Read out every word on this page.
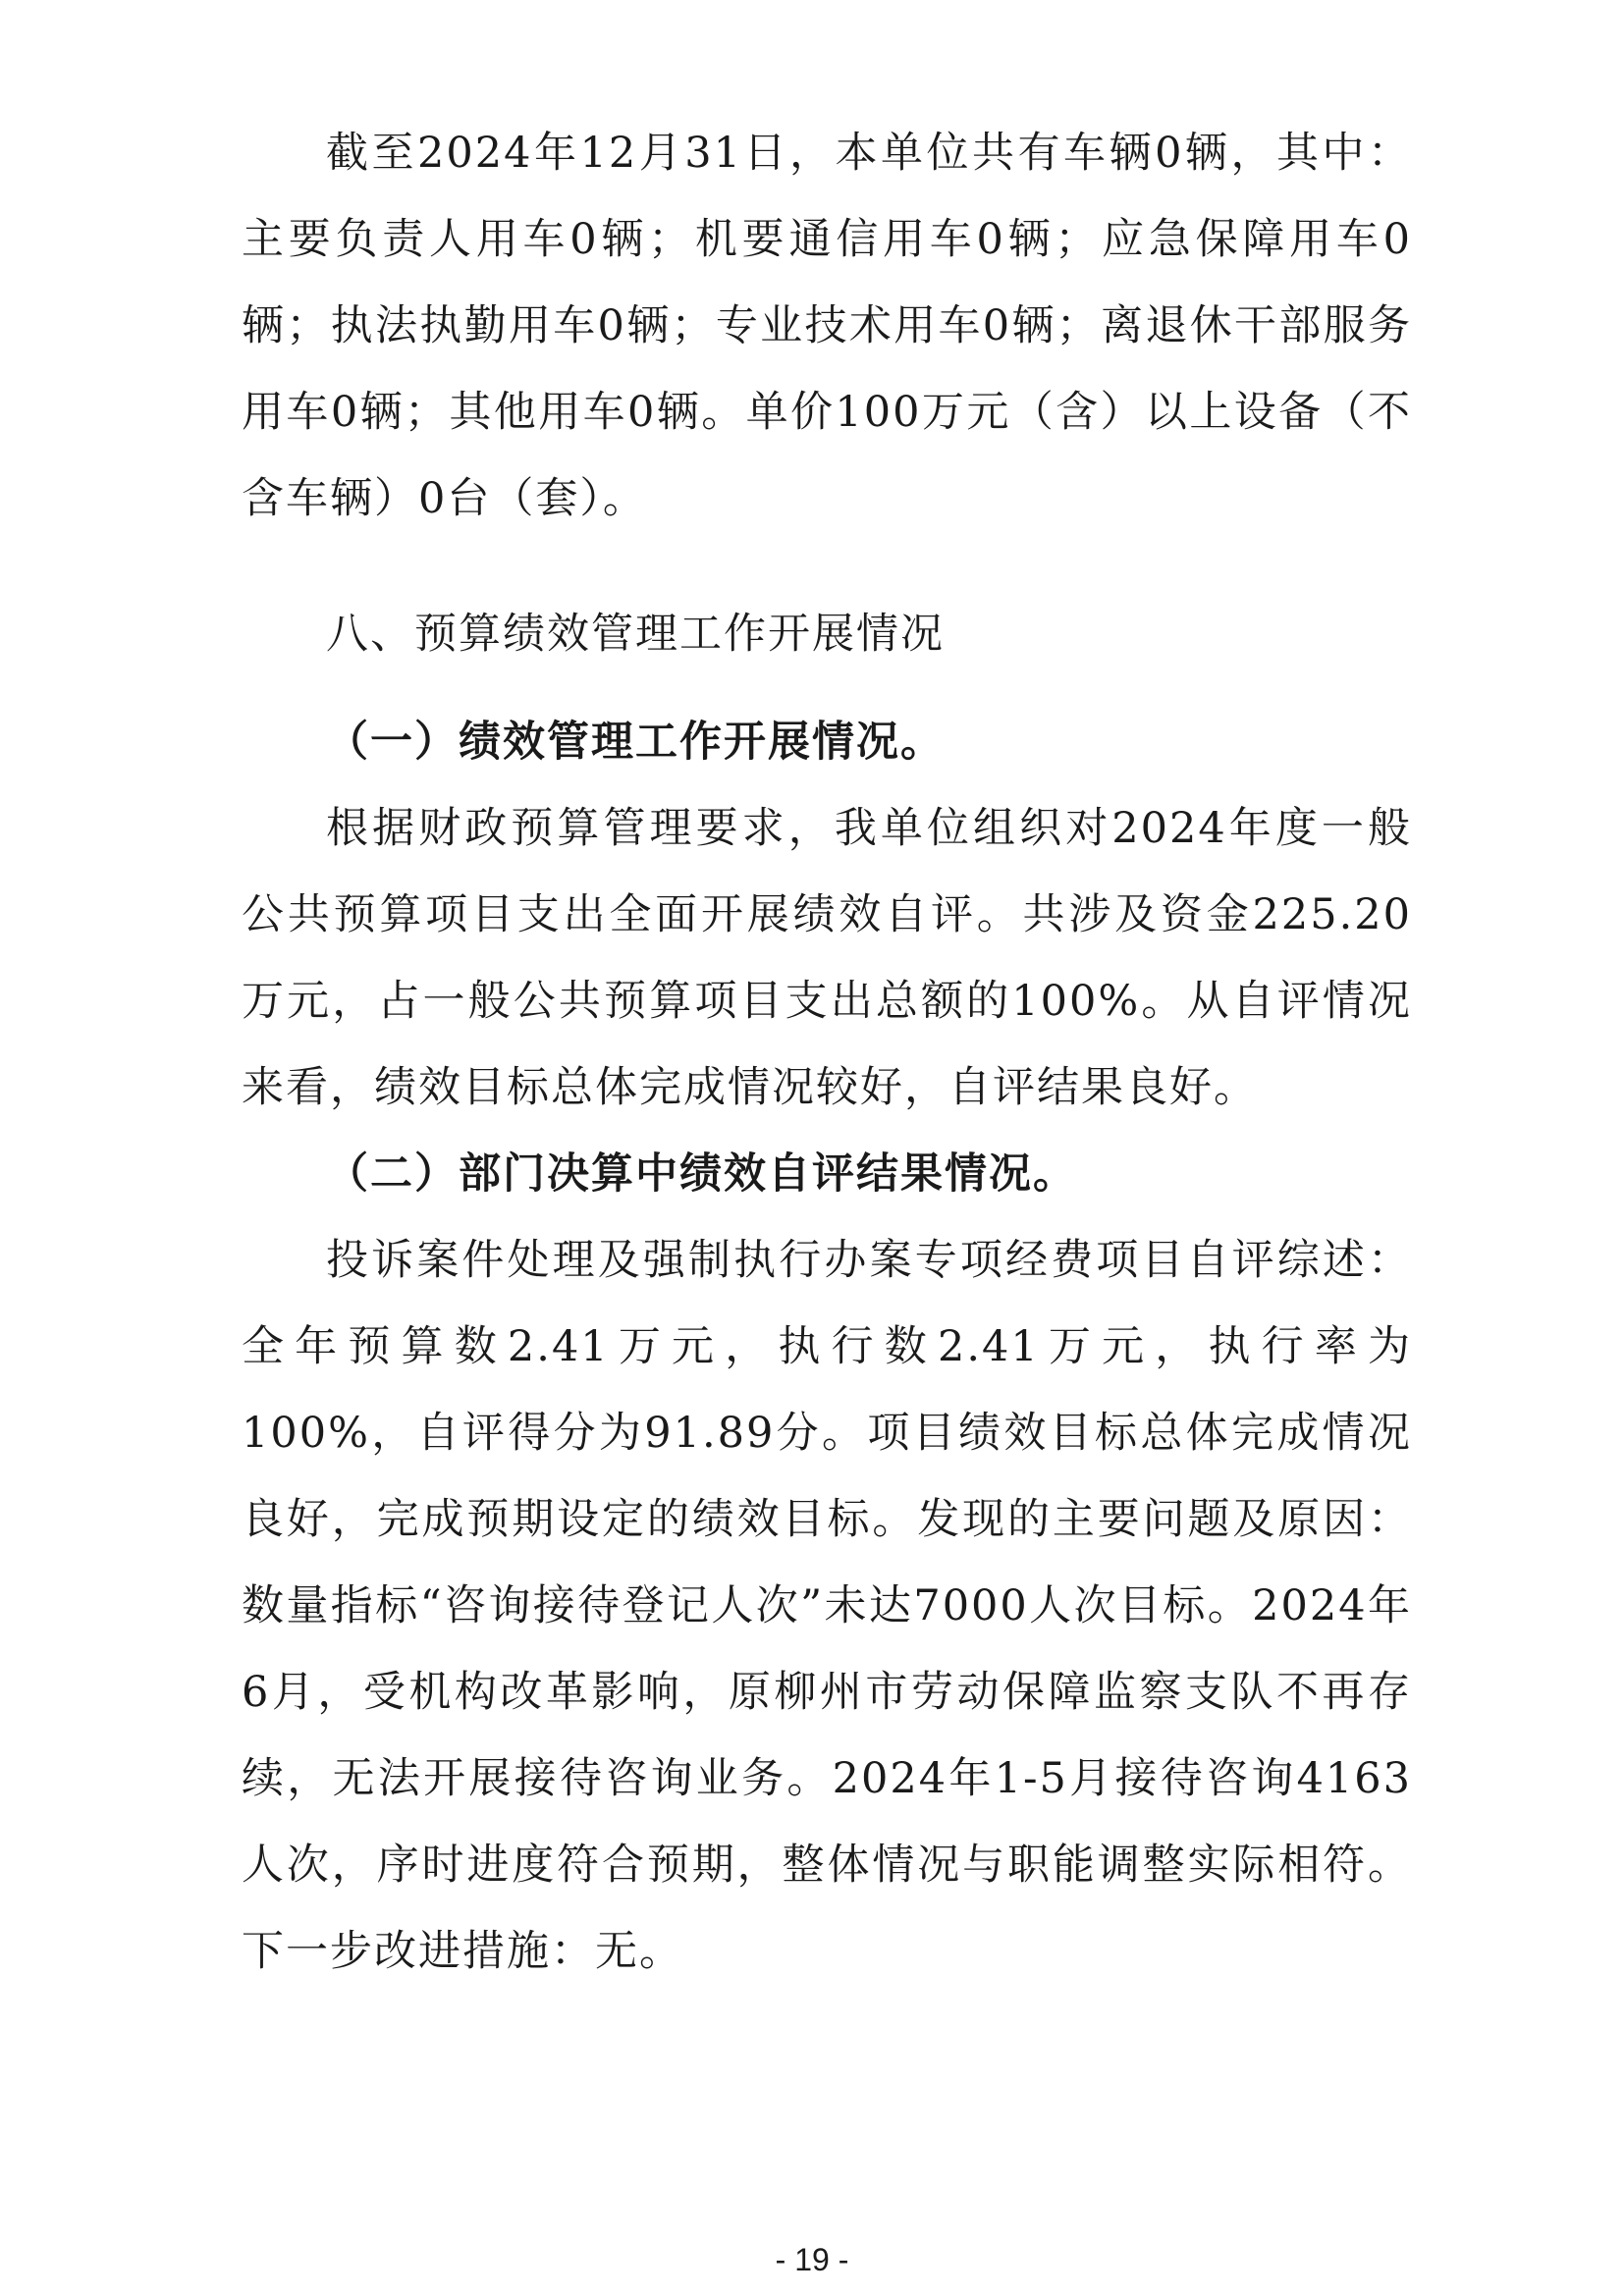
截至2024年12月31日，本单位共有车辆0辆，其中：主要负责人用车0辆；机要通信用车0辆；应急保障用车0辆；执法执勤用车0辆；专业技术用车0辆；离退休干部服务用车0辆；其他用车0辆。单价100万元（含）以上设备（不含车辆）0台（套）。

八、预算绩效管理工作开展情况
（一）绩效管理工作开展情况。

根据财政预算管理要求，我单位组织对2024年度一般公共预算项目支出全面开展绩效自评。共涉及资金225.20万元，占一般公共预算项目支出总额的100%。从自评情况来看，绩效目标总体完成情况较好，自评结果良好。

（二）部门决算中绩效自评结果情况。

投诉案件处理及强制执行办案专项经费项目自评综述：全年预算数2.41万元，执行数2.41万元，执行率为100%，自评得分为91.89分。项目绩效目标总体完成情况良好，完成预期设定的绩效目标。发现的主要问题及原因：数量指标“咨询接待登记人次”未达7000人次目标。2024年6月，受机构改革影响，原柳州市劳动保障监察支队不再存续，无法开展接待咨询业务。2024年1-5月接待咨询4163人次，序时进度符合预期，整体情况与职能调整实际相符。下一步改进措施：无。

- 19 -
